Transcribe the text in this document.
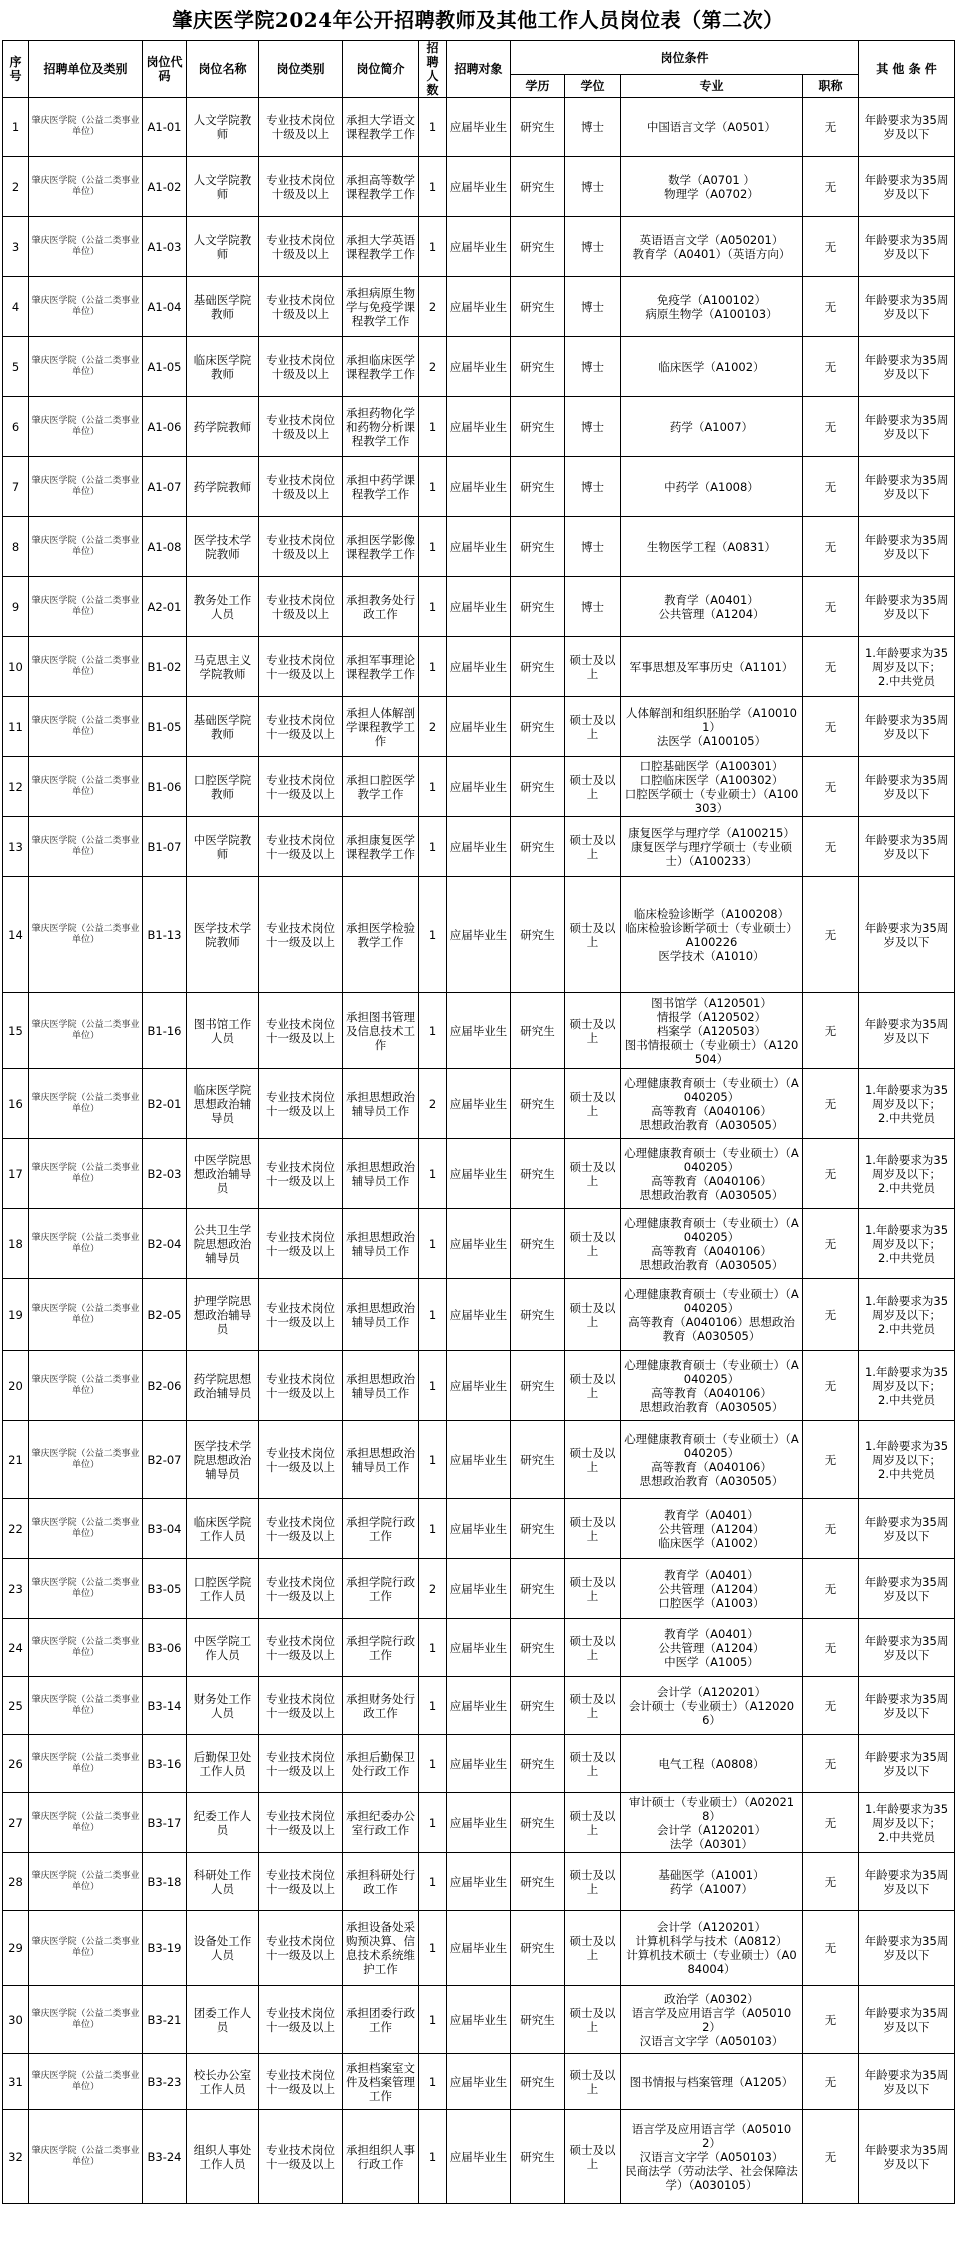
肇庆医学院2024年公开招聘教师及其他工作人员岗位表（第二次）
序号	招聘单位及类别	岗位代码	岗位名称	岗位类别	岗位简介	招聘人数	招聘对象	岗位条件				其 他 条 件
								学历	学位	专业	职称	
1	肇庆医学院（公益二类事业单位）	A1-01	人文学院教师	专业技术岗位十级及以上	承担大学语文课程教学工作	1	应届毕业生	研究生	博士	中国语言文学（A0501）	无	年龄要求为35周岁及以下
2	肇庆医学院（公益二类事业单位）	A1-02	人文学院教师	专业技术岗位十级及以上	承担高等数学课程教学工作	1	应届毕业生	研究生	博士	数学（A0701 ）
物理学（A0702）	无	年龄要求为35周岁及以下
3	肇庆医学院（公益二类事业单位）	A1-03	人文学院教师	专业技术岗位十级及以上	承担大学英语课程教学工作	1	应届毕业生	研究生	博士	英语语言文学（A050201）
教育学（A0401）（英语方向）	无	年龄要求为35周岁及以下
4	肇庆医学院（公益二类事业单位）	A1-04	基础医学院教师	专业技术岗位十级及以上	承担病原生物学与免疫学课程教学工作	2	应届毕业生	研究生	博士	免疫学（A100102）
病原生物学（A100103）	无	年龄要求为35周岁及以下
5	肇庆医学院（公益二类事业单位）	A1-05	临床医学院教师	专业技术岗位十级及以上	承担临床医学课程教学工作	2	应届毕业生	研究生	博士	临床医学（A1002）	无	年龄要求为35周岁及以下
6	肇庆医学院（公益二类事业单位）	A1-06	药学院教师	专业技术岗位十级及以上	承担药物化学和药物分析课程教学工作	1	应届毕业生	研究生	博士	药学（A1007）	无	年龄要求为35周岁及以下
7	肇庆医学院（公益二类事业单位）	A1-07	药学院教师	专业技术岗位十级及以上	承担中药学课程教学工作	1	应届毕业生	研究生	博士	中药学（A1008）	无	年龄要求为35周岁及以下
8	肇庆医学院（公益二类事业单位）	A1-08	医学技术学院教师	专业技术岗位十级及以上	承担医学影像课程教学工作	1	应届毕业生	研究生	博士	生物医学工程（A0831）	无	年龄要求为35周岁及以下
9	肇庆医学院（公益二类事业单位）	A2-01	教务处工作人员	专业技术岗位十级及以上	承担教务处行政工作	1	应届毕业生	研究生	博士	教育学（A0401）
公共管理（A1204）	无	年龄要求为35周岁及以下
10	肇庆医学院（公益二类事业单位）	B1-02	马克思主义学院教师	专业技术岗位十一级及以上	承担军事理论课程教学工作	1	应届毕业生	研究生	硕士及以上	军事思想及军事历史（A1101）	无	1.年龄要求为35周岁及以下；
2.中共党员
11	肇庆医学院（公益二类事业单位）	B1-05	基础医学院教师	专业技术岗位十一级及以上	承担人体解剖学课程教学工作	2	应届毕业生	研究生	硕士及以上	人体解剖和组织胚胎学（A100101）
法医学（A100105）	无	年龄要求为35周岁及以下
12	肇庆医学院（公益二类事业单位）	B1-06	口腔医学院教师	专业技术岗位十一级及以上	承担口腔医学教学工作	1	应届毕业生	研究生	硕士及以上	口腔基础医学（A100301）
口腔临床医学（A100302）
口腔医学硕士（专业硕士）（A100303）	无	年龄要求为35周岁及以下
13	肇庆医学院（公益二类事业单位）	B1-07	中医学院教师	专业技术岗位十一级及以上	承担康复医学课程教学工作	1	应届毕业生	研究生	硕士及以上	康复医学与理疗学（A100215）
康复医学与理疗学硕士（专业硕士）（A100233）	无	年龄要求为35周岁及以下
14	肇庆医学院（公益二类事业单位）	B1-13	医学技术学院教师	专业技术岗位十一级及以上	承担医学检验教学工作	1	应届毕业生	研究生	硕士及以上	临床检验诊断学（A100208）
临床检验诊断学硕士（专业硕士）A100226
医学技术（A1010）	无	年龄要求为35周岁及以下
15	肇庆医学院（公益二类事业单位）	B1-16	图书馆工作人员	专业技术岗位十一级及以上	承担图书管理及信息技术工作	1	应届毕业生	研究生	硕士及以上	图书馆学（A120501）
情报学（A120502）
档案学（A120503）
图书情报硕士（专业硕士）（A120504）	无	年龄要求为35周岁及以下
16	肇庆医学院（公益二类事业单位）	B2-01	临床医学院思想政治辅导员	专业技术岗位十一级及以上	承担思想政治辅导员工作	2	应届毕业生	研究生	硕士及以上	心理健康教育硕士（专业硕士）（A040205）
高等教育（A040106）
思想政治教育（A030505）	无	1.年龄要求为35周岁及以下；
2.中共党员
17	肇庆医学院（公益二类事业单位）	B2-03	中医学院思想政治辅导员	专业技术岗位十一级及以上	承担思想政治辅导员工作	1	应届毕业生	研究生	硕士及以上	心理健康教育硕士（专业硕士）（A040205）
高等教育（A040106）
思想政治教育（A030505）	无	1.年龄要求为35周岁及以下；
2.中共党员
18	肇庆医学院（公益二类事业单位）	B2-04	公共卫生学院思想政治辅导员	专业技术岗位十一级及以上	承担思想政治辅导员工作	1	应届毕业生	研究生	硕士及以上	心理健康教育硕士（专业硕士）（A040205）
高等教育（A040106）
思想政治教育（A030505）	无	1.年龄要求为35周岁及以下；
2.中共党员
19	肇庆医学院（公益二类事业单位）	B2-05	护理学院思想政治辅导员	专业技术岗位十一级及以上	承担思想政治辅导员工作	1	应届毕业生	研究生	硕士及以上	心理健康教育硕士（专业硕士）（A040205）
高等教育（A040106）思想政治教育（A030505）	无	1.年龄要求为35周岁及以下；
2.中共党员
20	肇庆医学院（公益二类事业单位）	B2-06	药学院思想政治辅导员	专业技术岗位十一级及以上	承担思想政治辅导员工作	1	应届毕业生	研究生	硕士及以上	心理健康教育硕士（专业硕士）（A040205）
高等教育（A040106）
思想政治教育（A030505）	无	1.年龄要求为35周岁及以下；
2.中共党员
21	肇庆医学院（公益二类事业单位）	B2-07	医学技术学院思想政治辅导员	专业技术岗位十一级及以上	承担思想政治辅导员工作	1	应届毕业生	研究生	硕士及以上	心理健康教育硕士（专业硕士）（A040205）
高等教育（A040106）
思想政治教育（A030505）	无	1.年龄要求为35周岁及以下；
2.中共党员
22	肇庆医学院（公益二类事业单位）	B3-04	临床医学院工作人员	专业技术岗位十一级及以上	承担学院行政工作	1	应届毕业生	研究生	硕士及以上	教育学（A0401）
公共管理（A1204）
临床医学（A1002）	无	年龄要求为35周岁及以下
23	肇庆医学院（公益二类事业单位）	B3-05	口腔医学院工作人员	专业技术岗位十一级及以上	承担学院行政工作	2	应届毕业生	研究生	硕士及以上	教育学（A0401）
公共管理（A1204）
口腔医学（A1003）	无	年龄要求为35周岁及以下
24	肇庆医学院（公益二类事业单位）	B3-06	中医学院工作人员	专业技术岗位十一级及以上	承担学院行政工作	1	应届毕业生	研究生	硕士及以上	教育学（A0401）
公共管理（A1204）
中医学（A1005）	无	年龄要求为35周岁及以下
25	肇庆医学院（公益二类事业单位）	B3-14	财务处工作人员	专业技术岗位十一级及以上	承担财务处行政工作	1	应届毕业生	研究生	硕士及以上	会计学（A120201）
会计硕士（专业硕士）（A120206）	无	年龄要求为35周岁及以下
26	肇庆医学院（公益二类事业单位）	B3-16	后勤保卫处工作人员	专业技术岗位十一级及以上	承担后勤保卫处行政工作	1	应届毕业生	研究生	硕士及以上	电气工程（A0808）	无	年龄要求为35周岁及以下
27	肇庆医学院（公益二类事业单位）	B3-17	纪委工作人员	专业技术岗位十一级及以上	承担纪委办公室行政工作	1	应届毕业生	研究生	硕士及以上	审计硕士（专业硕士）（A020218）
会计学（A120201）
法学（A0301）	无	1.年龄要求为35周岁及以下；
2.中共党员
28	肇庆医学院（公益二类事业单位）	B3-18	科研处工作人员	专业技术岗位十一级及以上	承担科研处行政工作	1	应届毕业生	研究生	硕士及以上	基础医学（A1001）
药学（A1007）	无	年龄要求为35周岁及以下
29	肇庆医学院（公益二类事业单位）	B3-19	设备处工作人员	专业技术岗位十一级及以上	承担设备处采购预决算、信息技术系统维护工作	1	应届毕业生	研究生	硕士及以上	会计学（A120201）
计算机科学与技术（A0812）
计算机技术硕士（专业硕士）（A084004）	无	年龄要求为35周岁及以下
30	肇庆医学院（公益二类事业单位）	B3-21	团委工作人员	专业技术岗位十一级及以上	承担团委行政工作	1	应届毕业生	研究生	硕士及以上	政治学（A0302）
语言学及应用语言学（A050102）
汉语言文字学（A050103）	无	年龄要求为35周岁及以下
31	肇庆医学院（公益二类事业单位）	B3-23	校长办公室工作人员	专业技术岗位十一级及以上	承担档案室文件及档案管理工作	1	应届毕业生	研究生	硕士及以上	图书情报与档案管理（A1205）	无	年龄要求为35周岁及以下
32	肇庆医学院（公益二类事业单位）	B3-24	组织人事处工作人员	专业技术岗位十一级及以上	承担组织人事行政工作	1	应届毕业生	研究生	硕士及以上	语言学及应用语言学（A050102）
汉语言文字学（A050103）
民商法学（劳动法学、社会保障法学）（A030105）	无	年龄要求为35周岁及以下
